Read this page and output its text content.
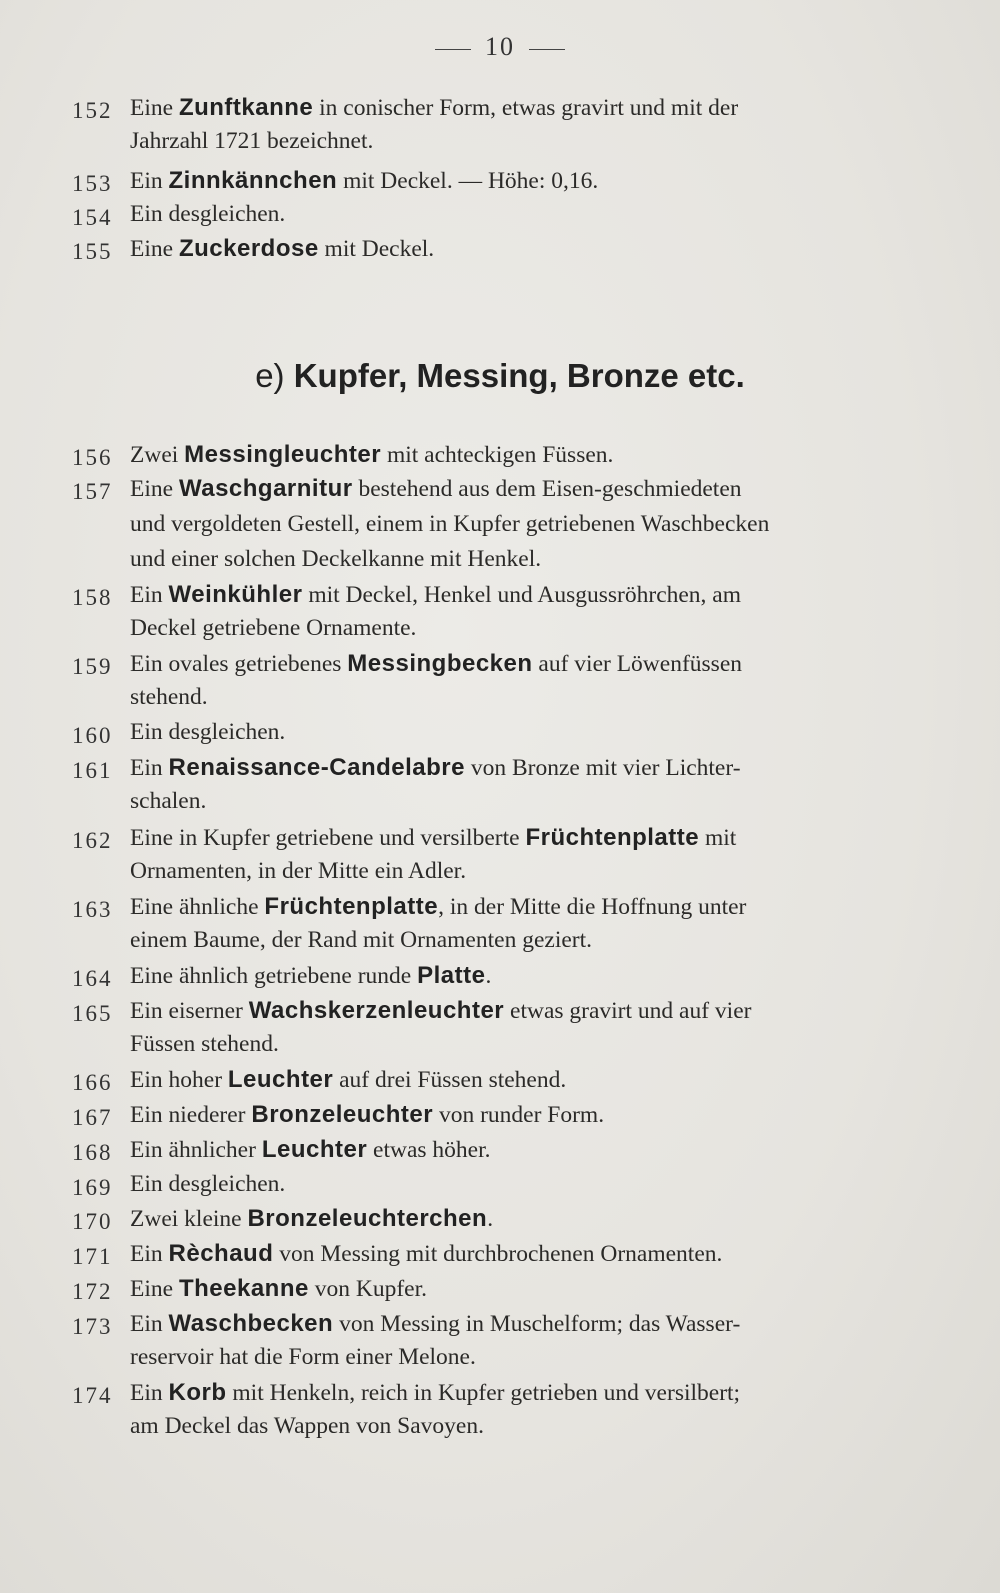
10
152 Eine Zunftkanne in conischer Form, etwas gravirt und mit der
Jahrzahl 1721 bezeichnet.
153 Ein Zinnkännchen mit Deckel. — Höhe: 0,16.
154 Ein desgleichen.
155 Eine Zuckerdose mit Deckel.
e) Kupfer, Messing, Bronze etc.
156 Zwei Messingleuchter mit achteckigen Füssen.
157 Eine Waschgarnitur bestehend aus dem Eisen-geschmiedeten
und vergoldeten Gestell, einem in Kupfer getriebenen Waschbecken
und einer solchen Deckelkanne mit Henkel.
158 Ein Weinkühler mit Deckel, Henkel und Ausgussröhrchen, am
Deckel getriebene Ornamente.
159 Ein ovales getriebenes Messingbecken auf vier Löwenfüssen
stehend.
160 Ein desgleichen.
161 Ein Renaissance-Candelabre von Bronze mit vier Lichter-
schalen.
162 Eine in Kupfer getriebene und versilberte Früchtenplatte mit
Ornamenten, in der Mitte ein Adler.
163 Eine ähnliche Früchtenplatte, in der Mitte die Hoffnung unter
einem Baume, der Rand mit Ornamenten geziert.
164 Eine ähnlich getriebene runde Platte.
165 Ein eiserner Wachskerzenleuchter etwas gravirt und auf vier
Füssen stehend.
166 Ein hoher Leuchter auf drei Füssen stehend.
167 Ein niederer Bronzeleuchter von runder Form.
168 Ein ähnlicher Leuchter etwas höher.
169 Ein desgleichen.
170 Zwei kleine Bronzeleuchterchen.
171 Ein Rèchaud von Messing mit durchbrochenen Ornamenten.
172 Eine Theekanne von Kupfer.
173 Ein Waschbecken von Messing in Muschelform; das Wasser-
reservoir hat die Form einer Melone.
174 Ein Korb mit Henkeln, reich in Kupfer getrieben und versilbert;
am Deckel das Wappen von Savoyen.
